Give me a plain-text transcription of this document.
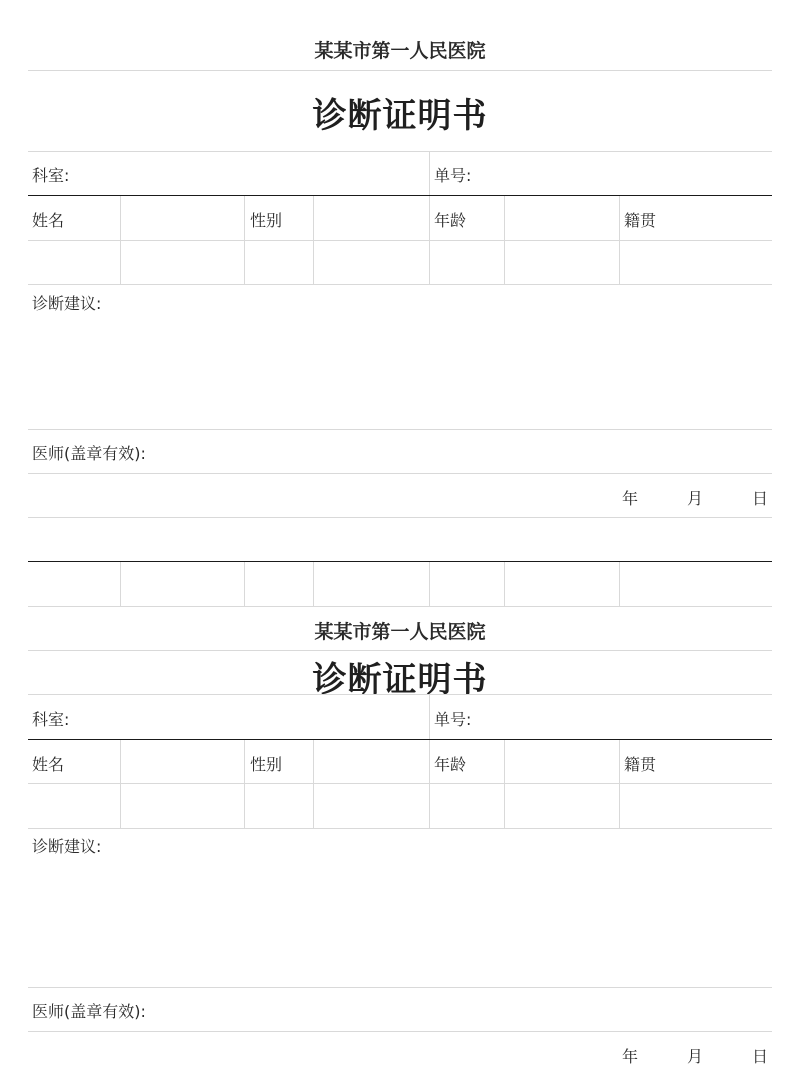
某某市第一人民医院
诊断证明书
科室:	单号:
姓名	性别	年龄	籍贯
诊断建议:
医师(盖章有效):
年	月	日
某某市第一人民医院
诊断证明书
科室:	单号:
姓名	性别	年龄	籍贯
诊断建议:
医师(盖章有效):
年	月	日
